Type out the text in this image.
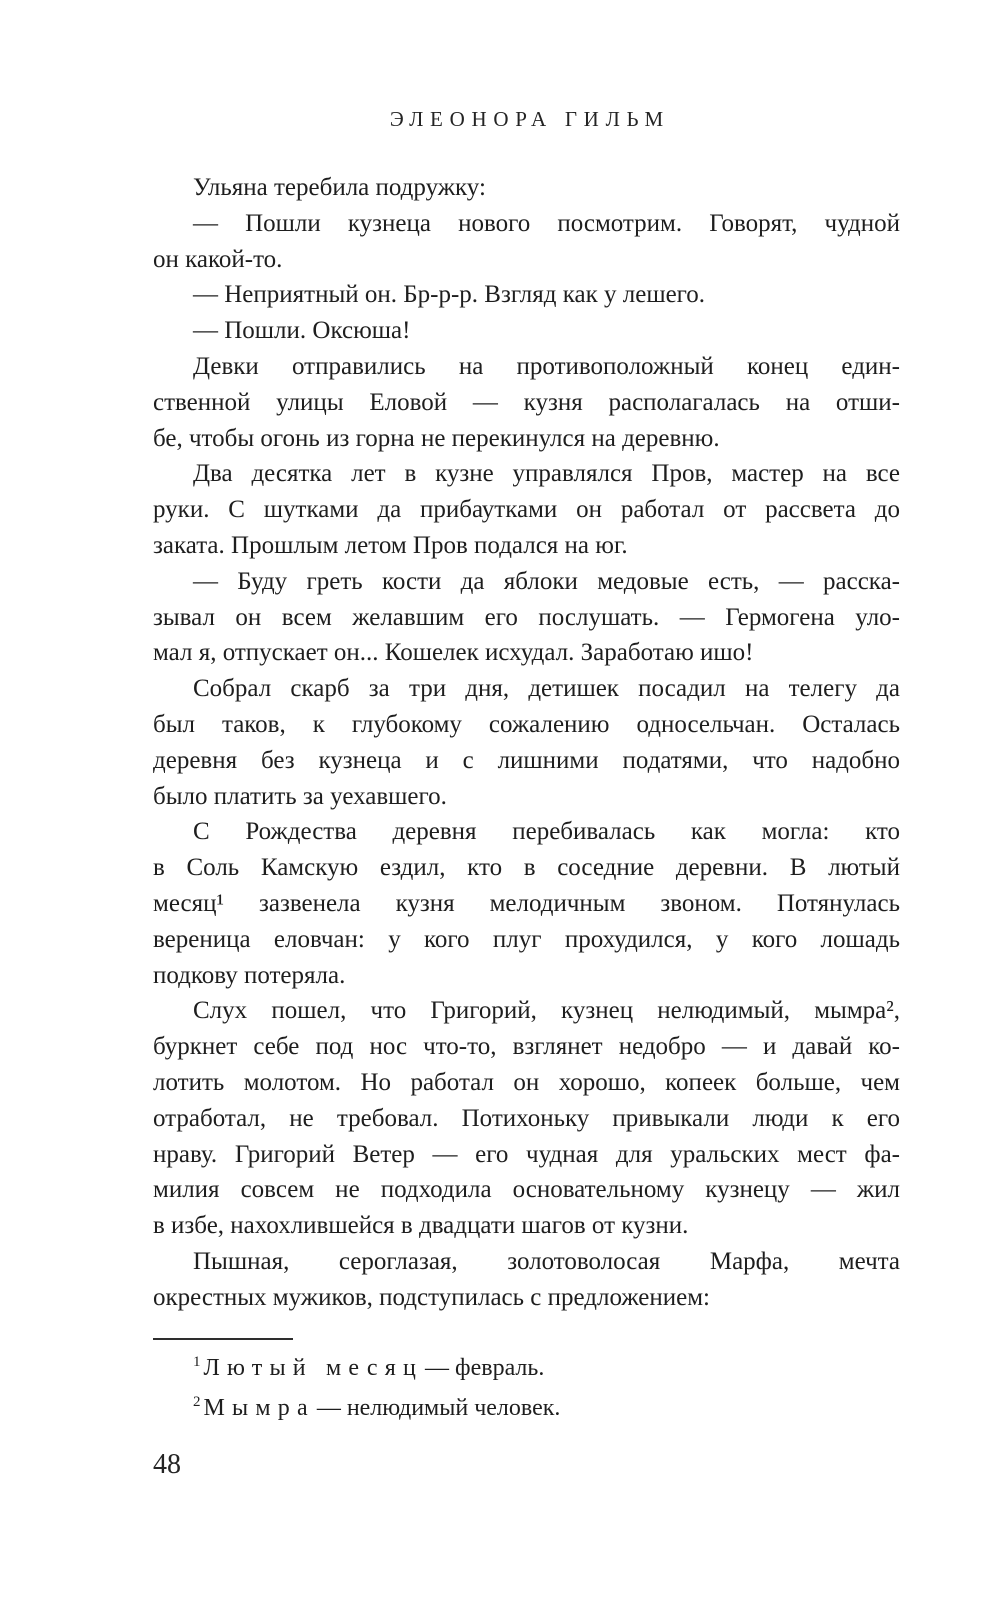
ЭЛЕОНОРА ГИЛЬМ
Ульяна теребила подружку:
— Пошли кузнеца нового посмотрим. Говорят, чудной
он какой-то.
— Неприятный он. Бр-р-р. Взгляд как у лешего.
— Пошли. Оксюша!
Девки отправились на противоположный конец един-
ственной улицы Еловой — кузня располагалась на отши-
бе, чтобы огонь из горна не перекинулся на деревню.
Два десятка лет в кузне управлялся Пров, мастер на все
руки. С шутками да прибаутками он работал от рассвета до
заката. Прошлым летом Пров подался на юг.
— Буду греть кости да яблоки медовые есть, — расска-
зывал он всем желавшим его послушать. — Гермогена уло-
мал я, отпускает он... Кошелек исхудал. Заработаю ишо!
Собрал скарб за три дня, детишек посадил на телегу да
был таков, к глубокому сожалению односельчан. Осталась
деревня без кузнеца и с лишними податями, что надобно
было платить за уехавшего.
С Рождества деревня перебивалась как могла: кто
в Соль Камскую ездил, кто в соседние деревни. В лютый
месяц¹ зазвенела кузня мелодичным звоном. Потянулась
вереница еловчан: у кого плуг прохудился, у кого лошадь
подкову потеряла.
Слух пошел, что Григорий, кузнец нелюдимый, мымра²,
буркнет себе под нос что-то, взглянет недобро — и давай ко-
лотить молотом. Но работал он хорошо, копеек больше, чем
отработал, не требовал. Потихоньку привыкали люди к его
нраву. Григорий Ветер — его чудная для уральских мест фа-
милия совсем не подходила основательному кузнецу — жил
в избе, нахохлившейся в двадцати шагов от кузни.
Пышная, сероглазая, золотоволосая Марфа, мечта
окрестных мужиков, подступилась с предложением:
1 Лютый месяц— февраль.
2 Мымра— нелюдимый человек.
48
